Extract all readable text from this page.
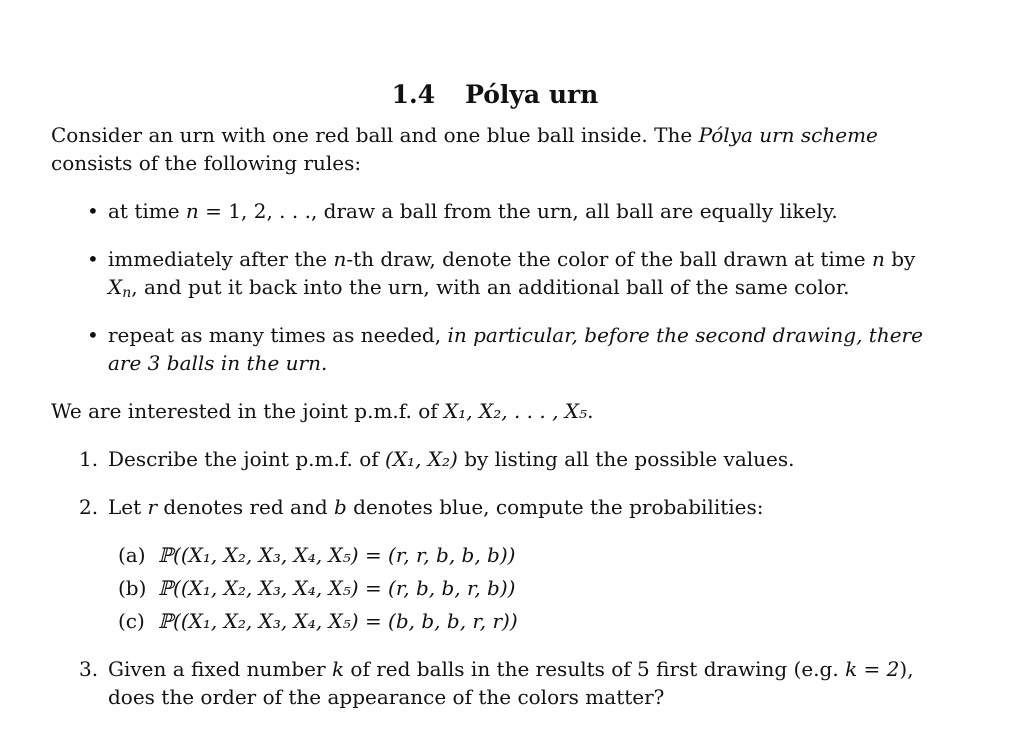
1.4 Pólya urn

Consider an urn with one red ball and one blue ball inside. The Pólya urn scheme consists of the following rules:

• at time n = 1, 2, . . ., draw a ball from the urn, all ball are equally likely.
• immediately after the n-th draw, denote the color of the ball drawn at time n by $X_n$, and put it back into the urn, with an additional ball of the same color.
• repeat as many times as needed, in particular, before the second drawing, there are 3 balls in the urn.

We are interested in the joint p.m.f. of X₁, X₂, . . . , X₅.

1. Describe the joint p.m.f. of (X₁, X₂) by listing all the possible values.
2. Let r denotes red and b denotes blue, compute the probabilities:
(a) ℙ((X₁, X₂, X₃, X₄, X₅) = (r, r, b, b, b))
(b) ℙ((X₁, X₂, X₃, X₄, X₅) = (r, b, b, r, b))
(c) ℙ((X₁, X₂, X₃, X₄, X₅) = (b, b, b, r, r))
3. Given a fixed number k of red balls in the results of 5 first drawing (e.g. k = 2), does the order of the appearance of the colors matter?
